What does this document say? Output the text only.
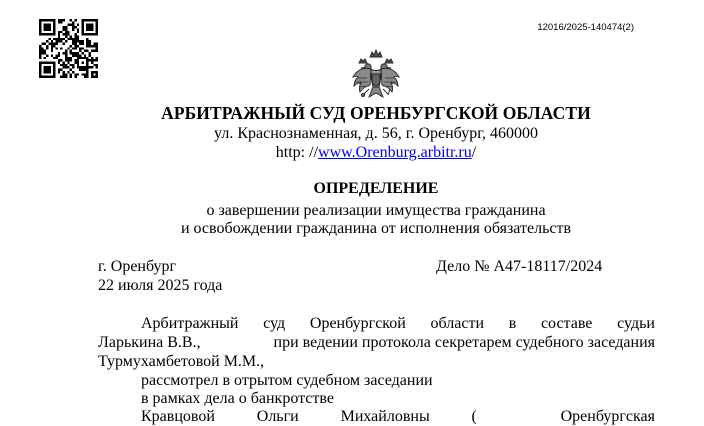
12016/2025-140474(2)
АРБИТРАЖНЫЙ СУД ОРЕНБУРГСКОЙ ОБЛАСТИ
ул. Краснознаменная, д. 56, г. Оренбург, 460000
http: //www.Orenburg.arbitr.ru/
ОПРЕДЕЛЕНИЕ
о завершении реализации имущества гражданина
и освобождении гражданина от исполнения обязательств
г. Оренбург	Дело № А47-18117/2024
22 июля 2025 года
Арбитражный суд Оренбургской области в составе судьи
Ларькина В.В.,	при ведении протокола секретарем судебного заседания
Турмухамбетовой М.М.,
рассмотрел в отрытом судебном заседании
в рамках дела о банкротстве
Кравцовой	Ольги	Михайловны	(	Оренбургская
